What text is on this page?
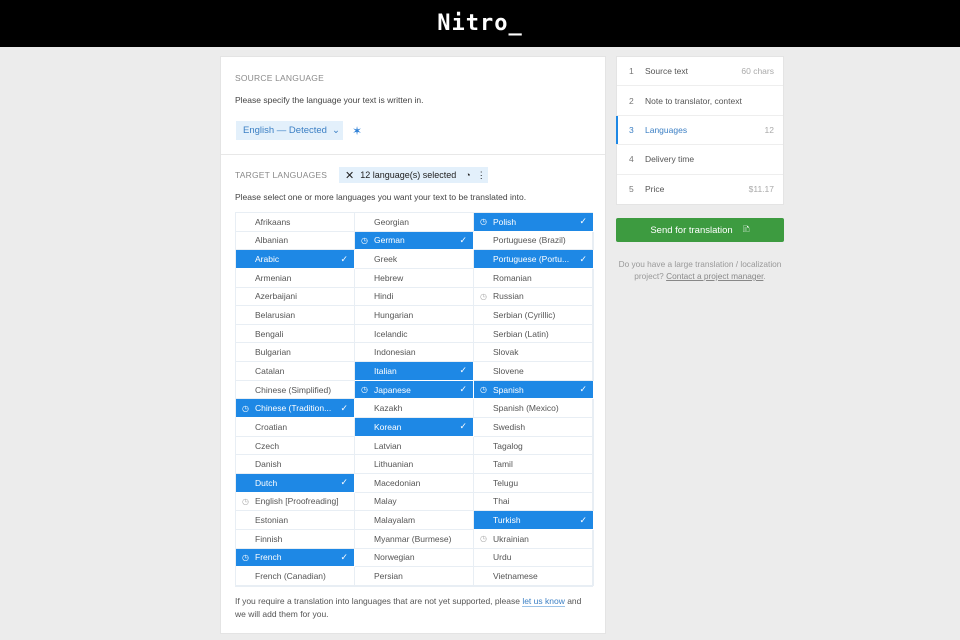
Nitro_
SOURCE LANGUAGE
Please specify the language your text is written in.
English — Detected ⌄ ✶
TARGET LANGUAGES ✕ 12 language(s) selected ◔ ⋮
Please select one or more languages you want your text to be translated into.
Afrikaans
Albanian
Arabic	✓
Armenian
Azerbaijani
Belarusian
Bengali
Bulgarian
Catalan
Chinese (Simplified)
◷ Chinese (Tradition... ✓
Croatian
Czech
Danish
Dutch	✓
◷ English [Proofreading]
Estonian
Finnish
◷ French	✓
French (Canadian)
Georgian
◷ German	✓
Greek
Hebrew
Hindi
Hungarian
Icelandic
Indonesian
Italian	✓
◷ Japanese	✓
Kazakh
Korean	✓
Latvian
Lithuanian
Macedonian
Malay
Malayalam
Myanmar (Burmese)
Norwegian
Persian
◷ Polish	✓
Portuguese (Brazil)
Portuguese (Portu... ✓
Romanian
◷ Russian
Serbian (Cyrillic)
Serbian (Latin)
Slovak
Slovene
◷ Spanish	✓
Spanish (Mexico)
Swedish
Tagalog
Tamil
Telugu
Thai
Turkish	✓
◷ Ukrainian
Urdu
Vietnamese
If you require a translation into languages that are not yet supported, please let us know and we will add them for you.
1	Source text	60 chars
2	Note to translator, context
3	Languages	12
4	Delivery time
5	Price	$11.17
Send for translation 🗈
Do you have a large translation / localization project? Contact a project manager.
